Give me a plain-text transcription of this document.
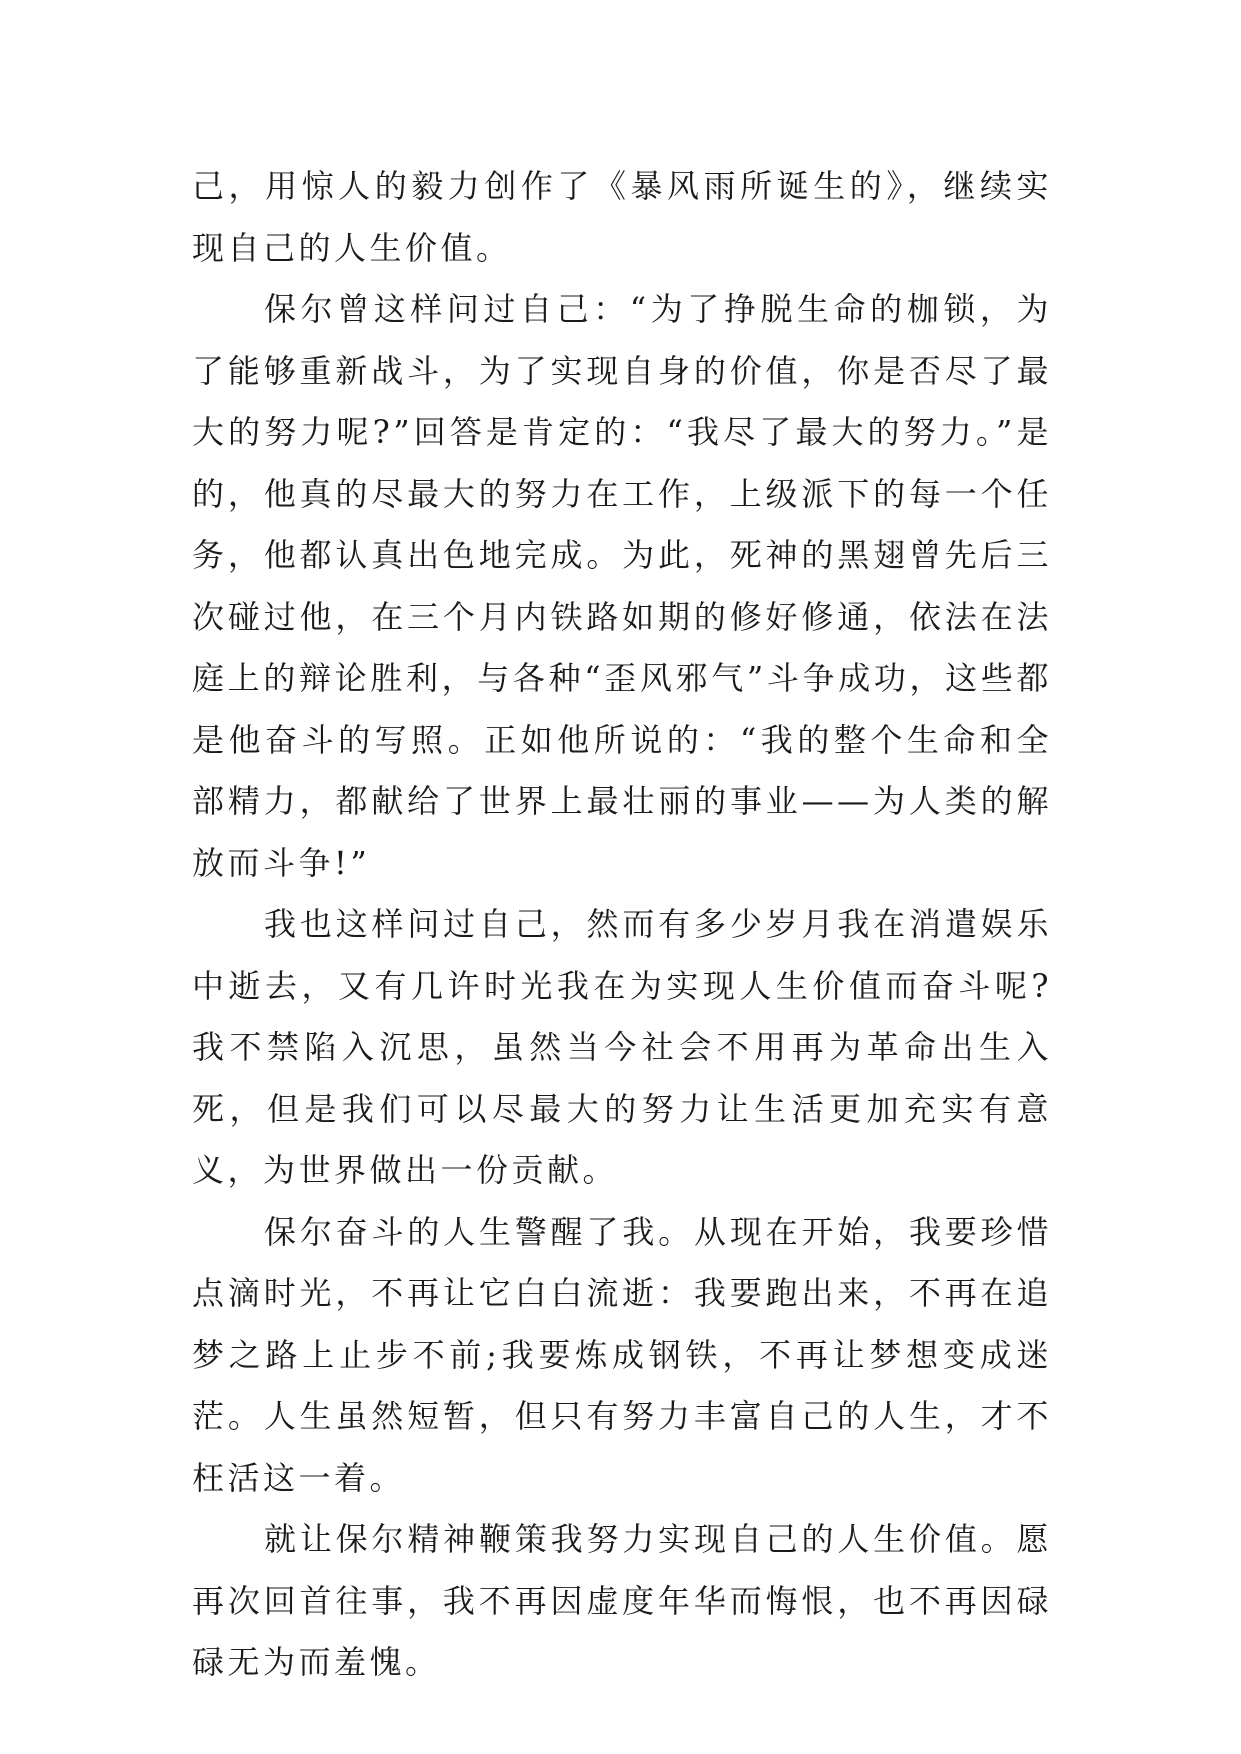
己，用惊人的毅力创作了《暴风雨所诞生的》，继续实现自己的人生价值。

保尔曾这样问过自己：“为了挣脱生命的枷锁，为了能够重新战斗，为了实现自身的价值，你是否尽了最大的努力呢?”回答是肯定的：“我尽了最大的努力。”是的，他真的尽最大的努力在工作，上级派下的每一个任务，他都认真出色地完成。为此，死神的黑翅曾先后三次碰过他，在三个月内铁路如期的修好修通，依法在法庭上的辩论胜利，与各种“歪风邪气”斗争成功，这些都是他奋斗的写照。正如他所说的：“我的整个生命和全部精力，都献给了世界上最壮丽的事业——为人类的解放而斗争!”

我也这样问过自己，然而有多少岁月我在消遣娱乐中逝去，又有几许时光我在为实现人生价值而奋斗呢?我不禁陷入沉思，虽然当今社会不用再为革命出生入死，但是我们可以尽最大的努力让生活更加充实有意义，为世界做出一份贡献。

保尔奋斗的人生警醒了我。从现在开始，我要珍惜点滴时光，不再让它白白流逝：我要跑出来，不再在追梦之路上止步不前;我要炼成钢铁，不再让梦想变成迷茫。人生虽然短暂，但只有努力丰富自己的人生，才不枉活这一着。

就让保尔精神鞭策我努力实现自己的人生价值。愿再次回首往事，我不再因虚度年华而悔恨，也不再因碌碌无为而羞愧。
